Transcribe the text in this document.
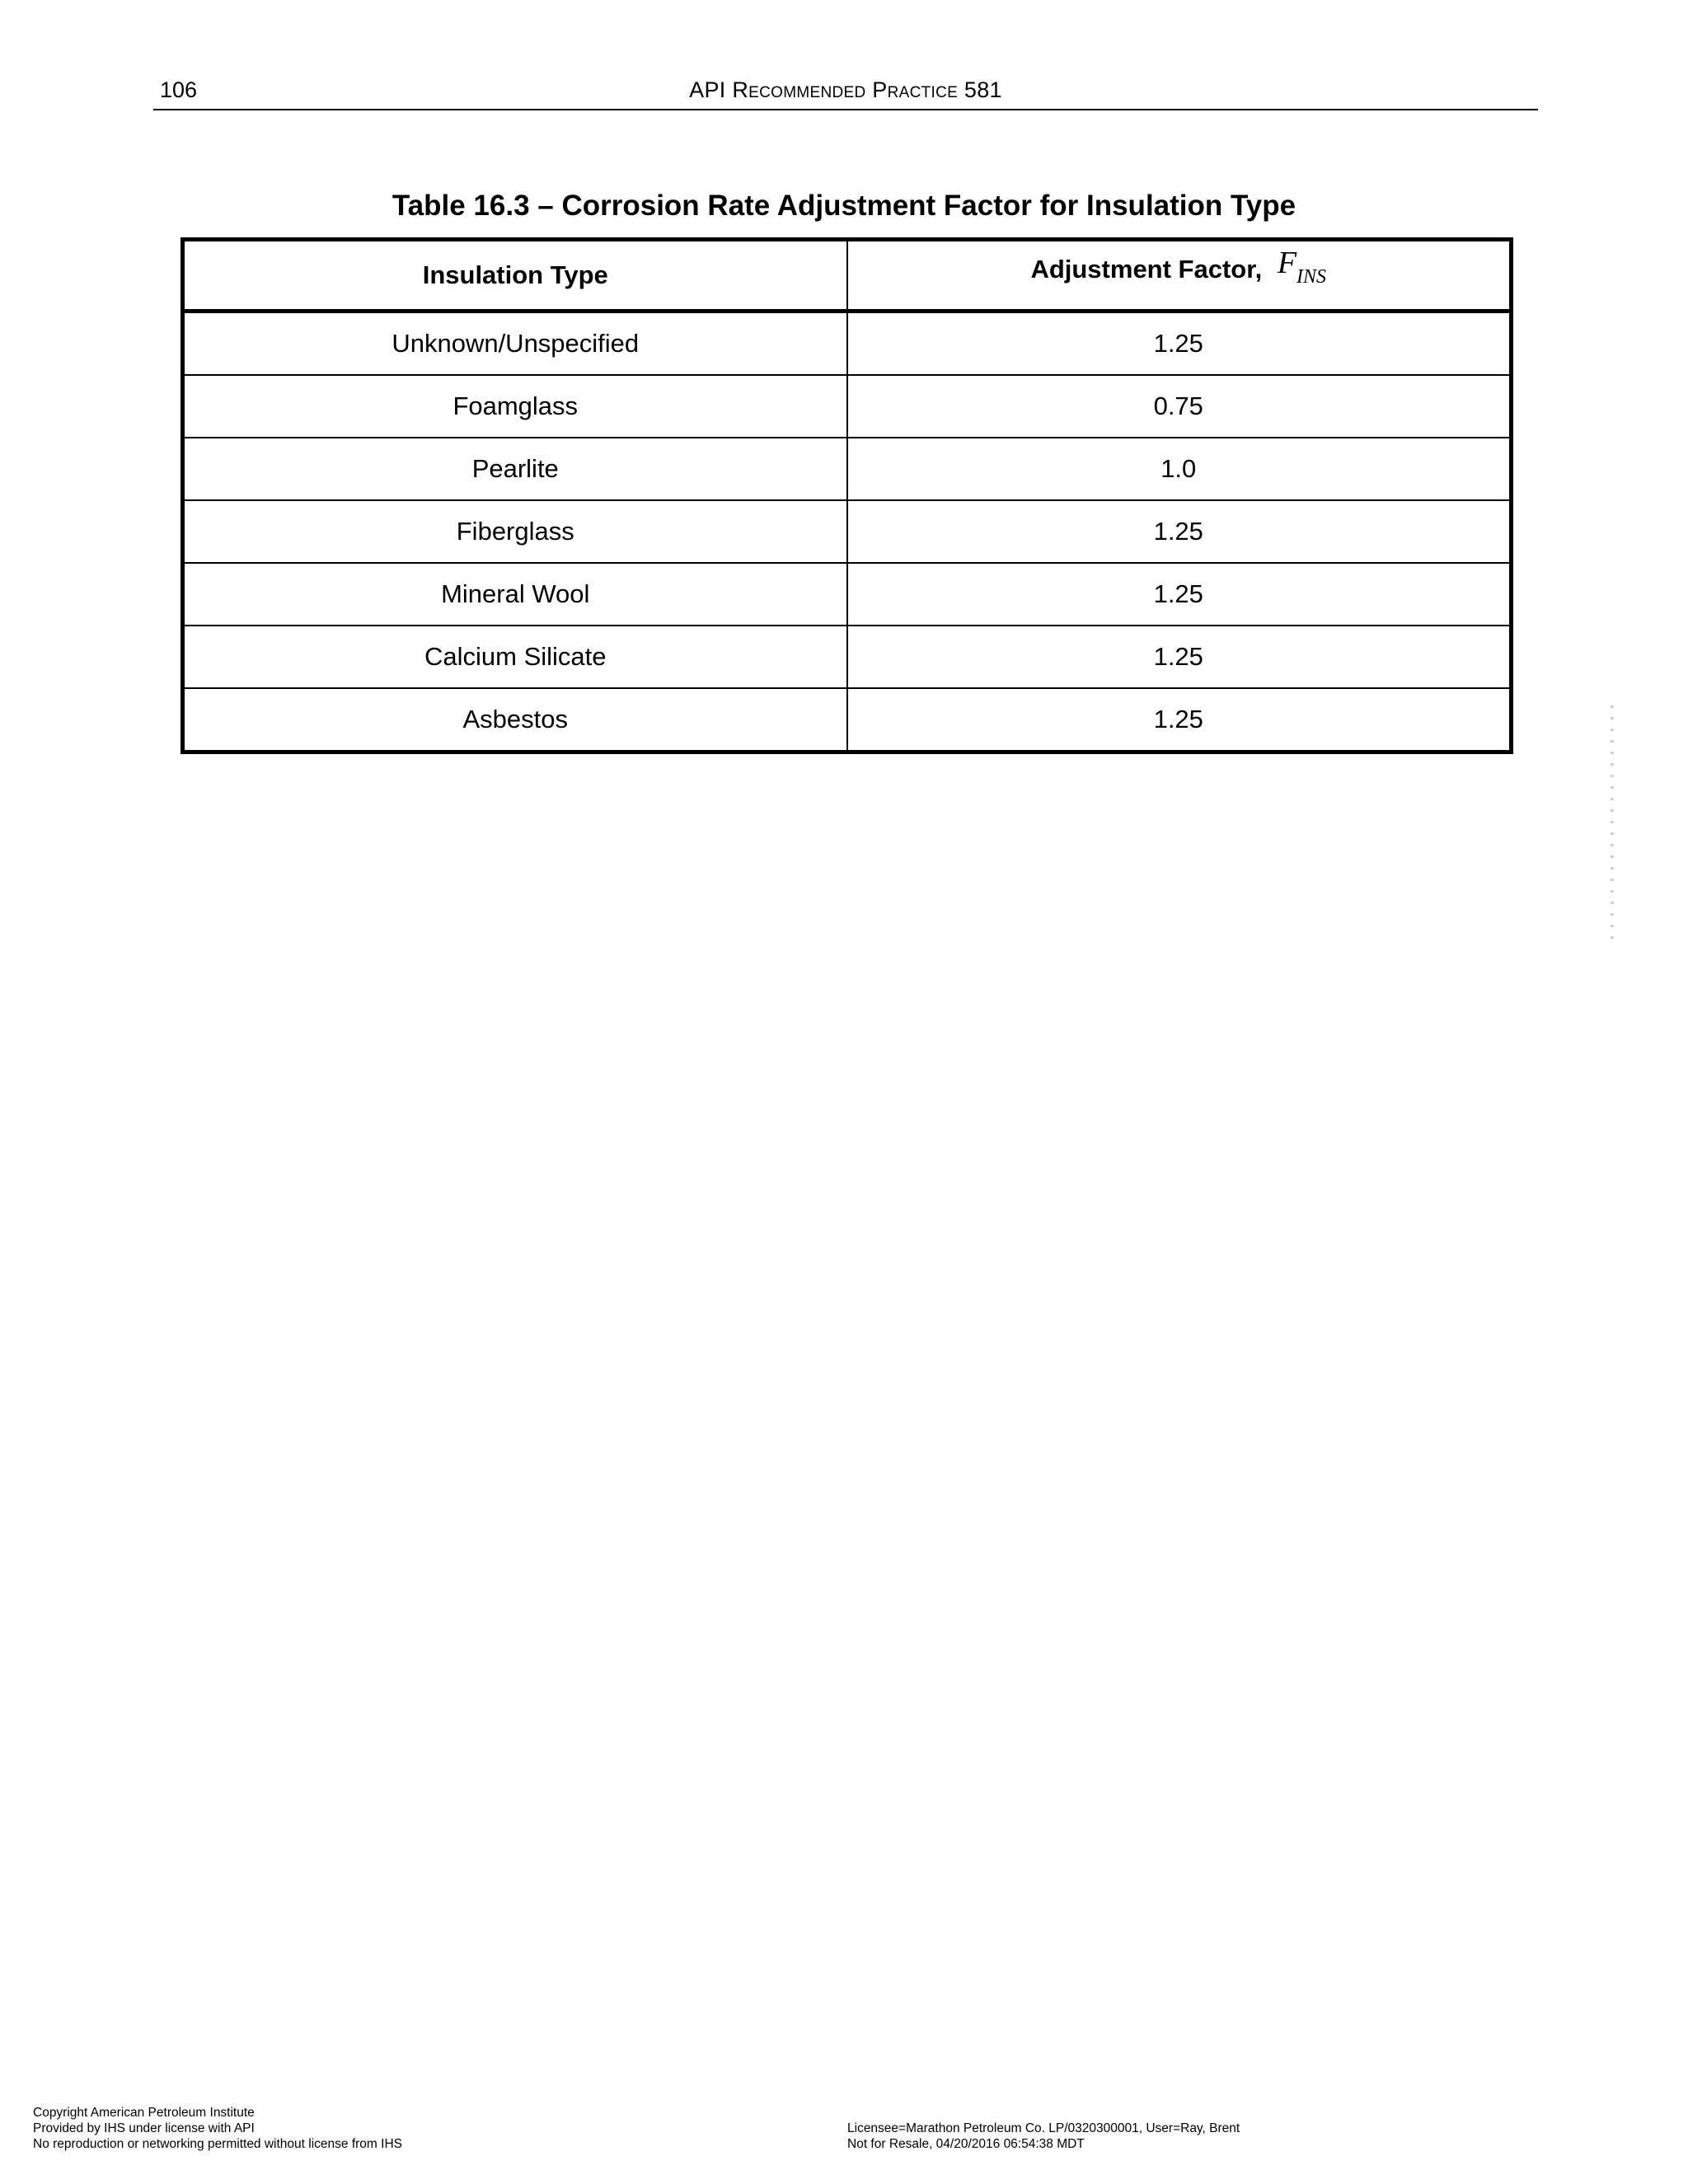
106	API Recommended Practice 581
Table 16.3 – Corrosion Rate Adjustment Factor for Insulation Type
Insulation Type	Adjustment Factor, FINS
Unknown/Unspecified	1.25
Foamglass	0.75
Pearlite	1.0
Fiberglass	1.25
Mineral Wool	1.25
Calcium Silicate	1.25
Asbestos	1.25
Copyright American Petroleum Institute
Provided by IHS under license with API
No reproduction or networking permitted without license from IHS
Licensee=Marathon Petroleum Co. LP/0320300001, User=Ray, Brent
Not for Resale, 04/20/2016 06:54:38 MDT
